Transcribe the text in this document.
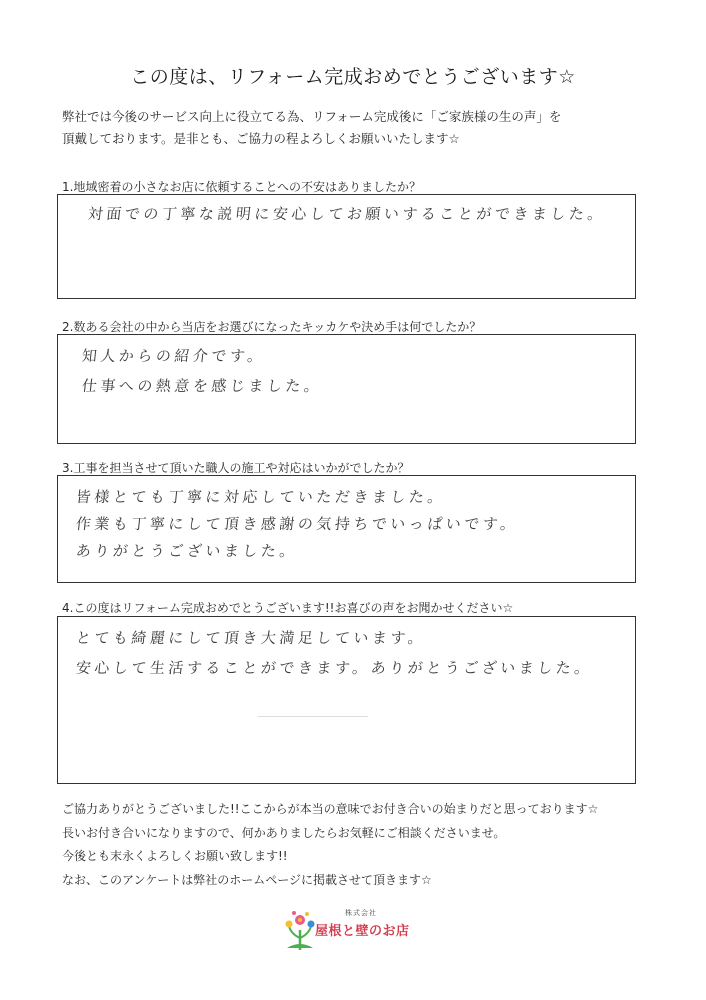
この度は、リフォーム完成おめでとうございます☆
弊社では今後のサービス向上に役立てる為、リフォーム完成後に「ご家族様の生の声」を
頂戴しております。是非とも、ご協力の程よろしくお願いいたします☆
1.地域密着の小さなお店に依頼することへの不安はありましたか？
対面での丁寧な説明に安心してお願いすることができました。
2.数ある会社の中から当店をお選びになったキッカケや決め手は何でしたか？
知人からの紹介です。
仕事への熱意を感じました。
3.工事を担当させて頂いた職人の施工や対応はいかがでしたか？
皆様とても丁寧に対応していただきました。
作業も丁寧にして頂き感謝の気持ちでいっぱいです。
ありがとうございました。
4.この度はリフォーム完成おめでとうございます!!お喜びの声をお聞かせください☆
とても綺麗にして頂き大満足しています。
安心して生活することができます。ありがとうございました。
ご協力ありがとうございました!!ここからが本当の意味でお付き合いの始まりだと思っております☆
長いお付き合いになりますので、何かありましたらお気軽にご相談くださいませ。
今後とも末永くよろしくお願い致します!!
なお、このアンケートは弊社のホームページに掲載させて頂きます☆
株式会社
屋根と壁のお店
